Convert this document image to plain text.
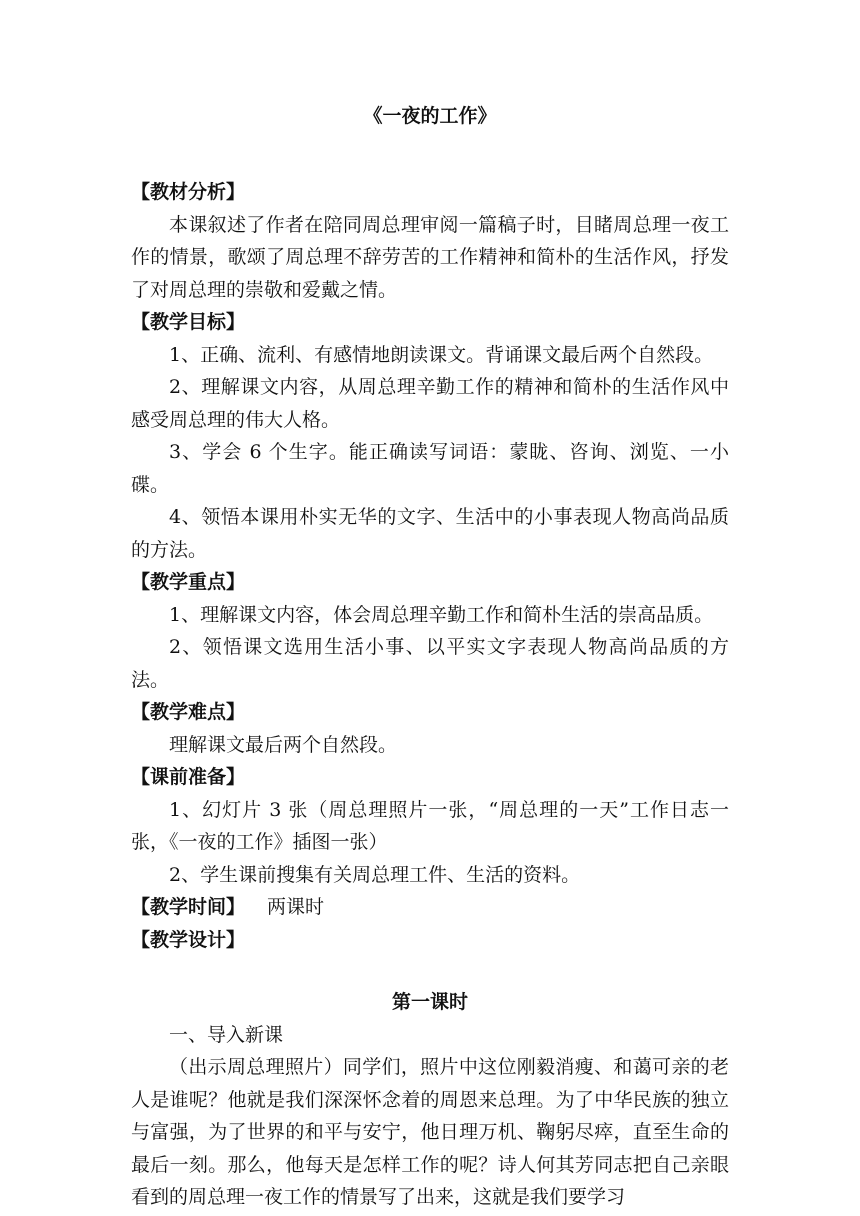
《一夜的工作》
【教材分析】

本课叙述了作者在陪同周总理审阅一篇稿子时，目睹周总理一夜工作的情景，歌颂了周总理不辞劳苦的工作精神和简朴的生活作风，抒发了对周总理的崇敬和爱戴之情。

【教学目标】

1、正确、流利、有感情地朗读课文。背诵课文最后两个自然段。

2、理解课文内容，从周总理辛勤工作的精神和简朴的生活作风中感受周总理的伟大人格。

3、学会 6 个生字。能正确读写词语：蒙眬、咨询、浏览、一小碟。

4、领悟本课用朴实无华的文字、生活中的小事表现人物高尚品质的方法。

【教学重点】

1、理解课文内容，体会周总理辛勤工作和简朴生活的崇高品质。

2、领悟课文选用生活小事、以平实文字表现人物高尚品质的方法。

【教学难点】

理解课文最后两个自然段。

【课前准备】

1、幻灯片 3 张（周总理照片一张，“周总理的一天”工作日志一张，《一夜的工作》插图一张）

2、学生课前搜集有关周总理工件、生活的资料。

【教学时间】 两课时
【教学设计】
第一课时

一、导入新课

（出示周总理照片）同学们，照片中这位刚毅消瘦、和蔼可亲的老人是谁呢？他就是我们深深怀念着的周恩来总理。为了中华民族的独立与富强，为了世界的和平与安宁，他日理万机、鞠躬尽瘁，直至生命的最后一刻。那么，他每天是怎样工作的呢？诗人何其芳同志把自己亲眼看到的周总理一夜工作的情景写了出来，这就是我们要学习
